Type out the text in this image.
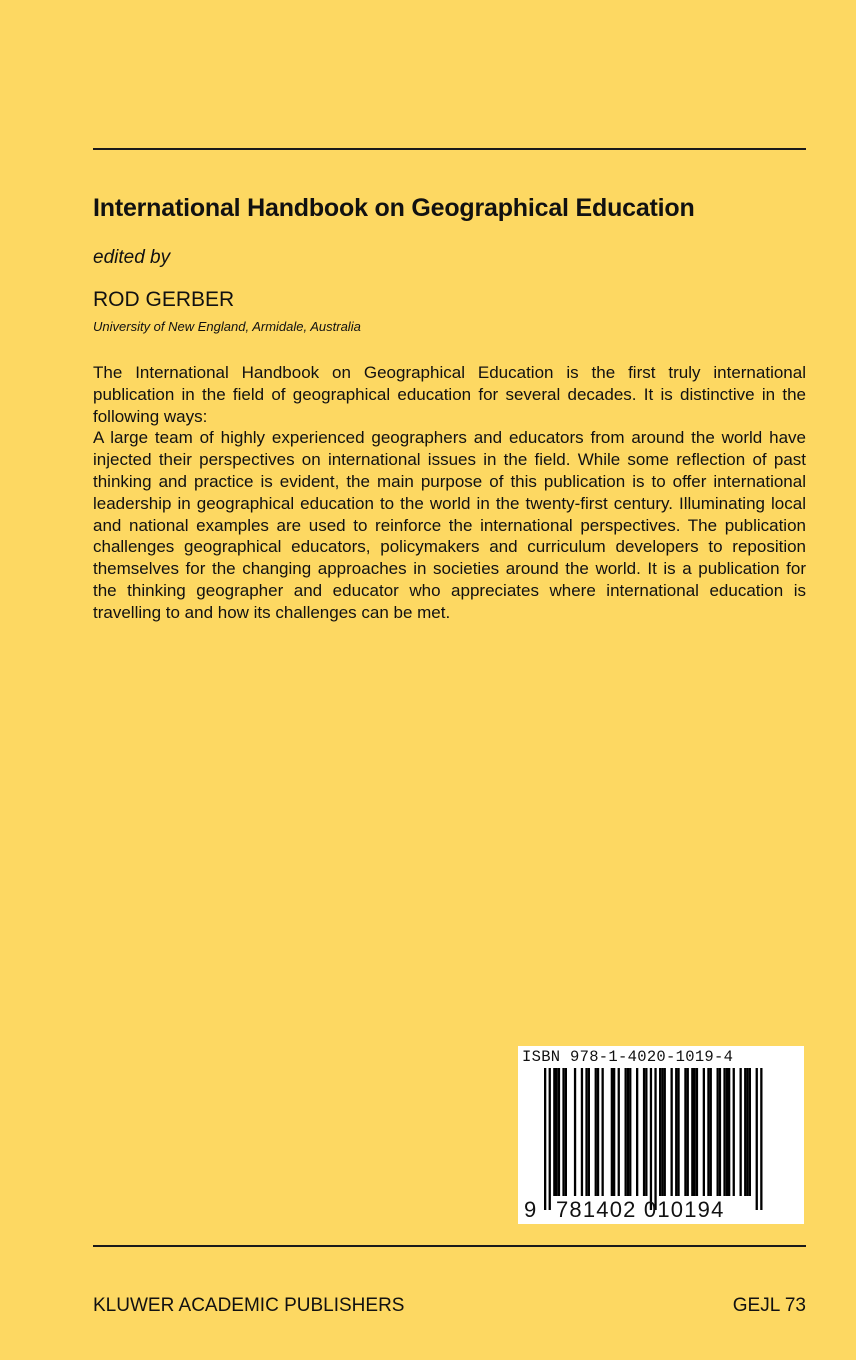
International Handbook on Geographical Education
edited by
ROD GERBER
University of New England, Armidale, Australia

The International Handbook on Geographical Education is the first truly international publication in the field of geographical education for several decades. It is distinctive in the following ways:

A large team of highly experienced geographers and educators from around the world have injected their perspectives on international issues in the field. While some reflection of past thinking and practice is evident, the main purpose of this publication is to offer international leadership in geographical education to the world in the twenty-first century. Illuminating local and national examples are used to reinforce the international perspectives. The publication challenges geographical educators, policymakers and curriculum developers to reposition themselves for the changing approaches in societies around the world. It is a publication for the thinking geographer and educator who appreciates where international education is travelling to and how its challenges can be met.

ISBN 978-1-4020-1019-4
9 781402 010194
KLUWER ACADEMIC PUBLISHERS	GEJL 73
